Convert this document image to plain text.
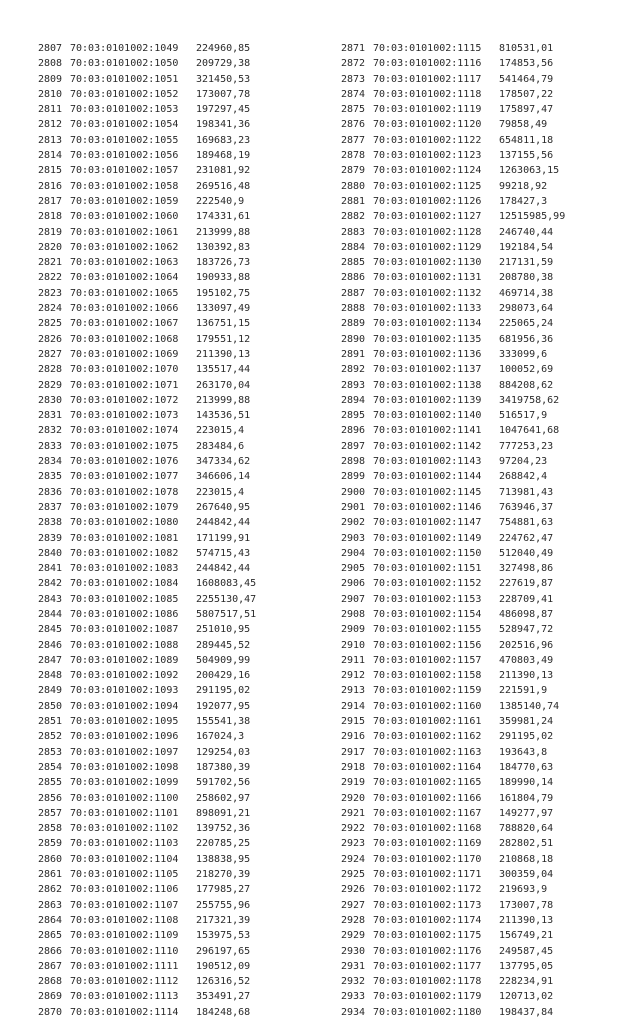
2807 70:03:0101002:1049 224960,85
2808 70:03:0101002:1050 209729,38
2809 70:03:0101002:1051 321450,53
2810 70:03:0101002:1052 173007,78
2811 70:03:0101002:1053 197297,45
2812 70:03:0101002:1054 198341,36
2813 70:03:0101002:1055 169683,23
2814 70:03:0101002:1056 189468,19
2815 70:03:0101002:1057 231081,92
2816 70:03:0101002:1058 269516,48
2817 70:03:0101002:1059 222540,9
2818 70:03:0101002:1060 174331,61
2819 70:03:0101002:1061 213999,88
2820 70:03:0101002:1062 130392,83
2821 70:03:0101002:1063 183726,73
2822 70:03:0101002:1064 190933,88
2823 70:03:0101002:1065 195102,75
2824 70:03:0101002:1066 133097,49
2825 70:03:0101002:1067 136751,15
2826 70:03:0101002:1068 179551,12
2827 70:03:0101002:1069 211390,13
2828 70:03:0101002:1070 135517,44
2829 70:03:0101002:1071 263170,04
2830 70:03:0101002:1072 213999,88
2831 70:03:0101002:1073 143536,51
2832 70:03:0101002:1074 223015,4
2833 70:03:0101002:1075 283484,6
2834 70:03:0101002:1076 347334,62
2835 70:03:0101002:1077 346606,14
2836 70:03:0101002:1078 223015,4
2837 70:03:0101002:1079 267640,95
2838 70:03:0101002:1080 244842,44
2839 70:03:0101002:1081 171199,91
2840 70:03:0101002:1082 574715,43
2841 70:03:0101002:1083 244842,44
2842 70:03:0101002:1084 1608083,45
2843 70:03:0101002:1085 2255130,47
2844 70:03:0101002:1086 5807517,51
2845 70:03:0101002:1087 251010,95
2846 70:03:0101002:1088 289445,52
2847 70:03:0101002:1089 504909,99
2848 70:03:0101002:1092 200429,16
2849 70:03:0101002:1093 291195,02
2850 70:03:0101002:1094 192077,95
2851 70:03:0101002:1095 155541,38
2852 70:03:0101002:1096 167024,3
2853 70:03:0101002:1097 129254,03
2854 70:03:0101002:1098 187380,39
2855 70:03:0101002:1099 591702,56
2856 70:03:0101002:1100 258602,97
2857 70:03:0101002:1101 898091,21
2858 70:03:0101002:1102 139752,36
2859 70:03:0101002:1103 220785,25
2860 70:03:0101002:1104 138838,95
2861 70:03:0101002:1105 218270,39
2862 70:03:0101002:1106 177985,27
2863 70:03:0101002:1107 255755,96
2864 70:03:0101002:1108 217321,39
2865 70:03:0101002:1109 153975,53
2866 70:03:0101002:1110 296197,65
2867 70:03:0101002:1111 190512,09
2868 70:03:0101002:1112 126316,52
2869 70:03:0101002:1113 353491,27
2870 70:03:0101002:1114 184248,68
2871 70:03:0101002:1115 810531,01
2872 70:03:0101002:1116 174853,56
2873 70:03:0101002:1117 541464,79
2874 70:03:0101002:1118 178507,22
2875 70:03:0101002:1119 175897,47
2876 70:03:0101002:1120 79858,49
2877 70:03:0101002:1122 654811,18
2878 70:03:0101002:1123 137155,56
2879 70:03:0101002:1124 1263063,15
2880 70:03:0101002:1125 99218,92
2881 70:03:0101002:1126 178427,3
2882 70:03:0101002:1127 12515985,99
2883 70:03:0101002:1128 246740,44
2884 70:03:0101002:1129 192184,54
2885 70:03:0101002:1130 217131,59
2886 70:03:0101002:1131 208780,38
2887 70:03:0101002:1132 469714,38
2888 70:03:0101002:1133 298073,64
2889 70:03:0101002:1134 225065,24
2890 70:03:0101002:1135 681956,36
2891 70:03:0101002:1136 333099,6
2892 70:03:0101002:1137 100052,69
2893 70:03:0101002:1138 884208,62
2894 70:03:0101002:1139 3419758,62
2895 70:03:0101002:1140 516517,9
2896 70:03:0101002:1141 1047641,68
2897 70:03:0101002:1142 777253,23
2898 70:03:0101002:1143 97204,23
2899 70:03:0101002:1144 268842,4
2900 70:03:0101002:1145 713981,43
2901 70:03:0101002:1146 763946,37
2902 70:03:0101002:1147 754881,63
2903 70:03:0101002:1149 224762,47
2904 70:03:0101002:1150 512040,49
2905 70:03:0101002:1151 327498,86
2906 70:03:0101002:1152 227619,87
2907 70:03:0101002:1153 228709,41
2908 70:03:0101002:1154 486098,87
2909 70:03:0101002:1155 528947,72
2910 70:03:0101002:1156 202516,96
2911 70:03:0101002:1157 470803,49
2912 70:03:0101002:1158 211390,13
2913 70:03:0101002:1159 221591,9
2914 70:03:0101002:1160 1385140,74
2915 70:03:0101002:1161 359981,24
2916 70:03:0101002:1162 291195,02
2917 70:03:0101002:1163 193643,8
2918 70:03:0101002:1164 184770,63
2919 70:03:0101002:1165 189990,14
2920 70:03:0101002:1166 161804,79
2921 70:03:0101002:1167 149277,97
2922 70:03:0101002:1168 788820,64
2923 70:03:0101002:1169 282802,51
2924 70:03:0101002:1170 210868,18
2925 70:03:0101002:1171 300359,04
2926 70:03:0101002:1172 219693,9
2927 70:03:0101002:1173 173007,78
2928 70:03:0101002:1174 211390,13
2929 70:03:0101002:1175 156749,21
2930 70:03:0101002:1176 249587,45
2931 70:03:0101002:1177 137795,05
2932 70:03:0101002:1178 228234,91
2933 70:03:0101002:1179 120713,02
2934 70:03:0101002:1180 198437,84
